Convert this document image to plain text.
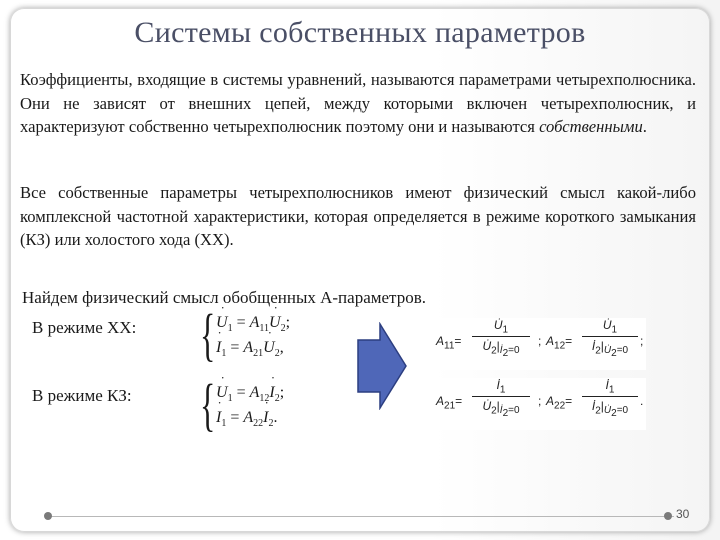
Системы собственных параметров
Коэффициенты, входящие в системы уравнений, называются параметрами четырехполюсника. Они не зависят от внешних цепей, между которыми включен четырехполюсник, и характеризуют собственно четырехполюсник поэтому они и называются собственными.
Все собственные параметры четырехполюсников имеют физический смысл какой-либо комплексной частотной характеристики, которая определяется в режиме короткого замыкания (КЗ) или холостого хода (ХХ).
Найдем физический смысл обобщенных А-параметров.
В режиме ХХ:
В режиме КЗ:
{ ˙ $U_1$ = $A_{11}˙$ $U_2$;
˙ $I_1$ = $A_{21}˙$ $U_2$,
{ ˙ $U_1$ = $A_{12}˙$ $I_2$;
˙ $I_1$ = $A_{22}˙$ $I_2$.
$A_{11}=$
$U̇_1$
$U̇_2|_{İ_2=0}$
; $A_{12}=$
$U̇_1$
$İ_2|_{U̇_2=0}$
;
$A_{21}=$
$İ_1$
$U̇_2|_{İ_2=0}$
; $A_{22}=$
$İ_1$
$İ_2|_{U̇_2=0}$
.
30
